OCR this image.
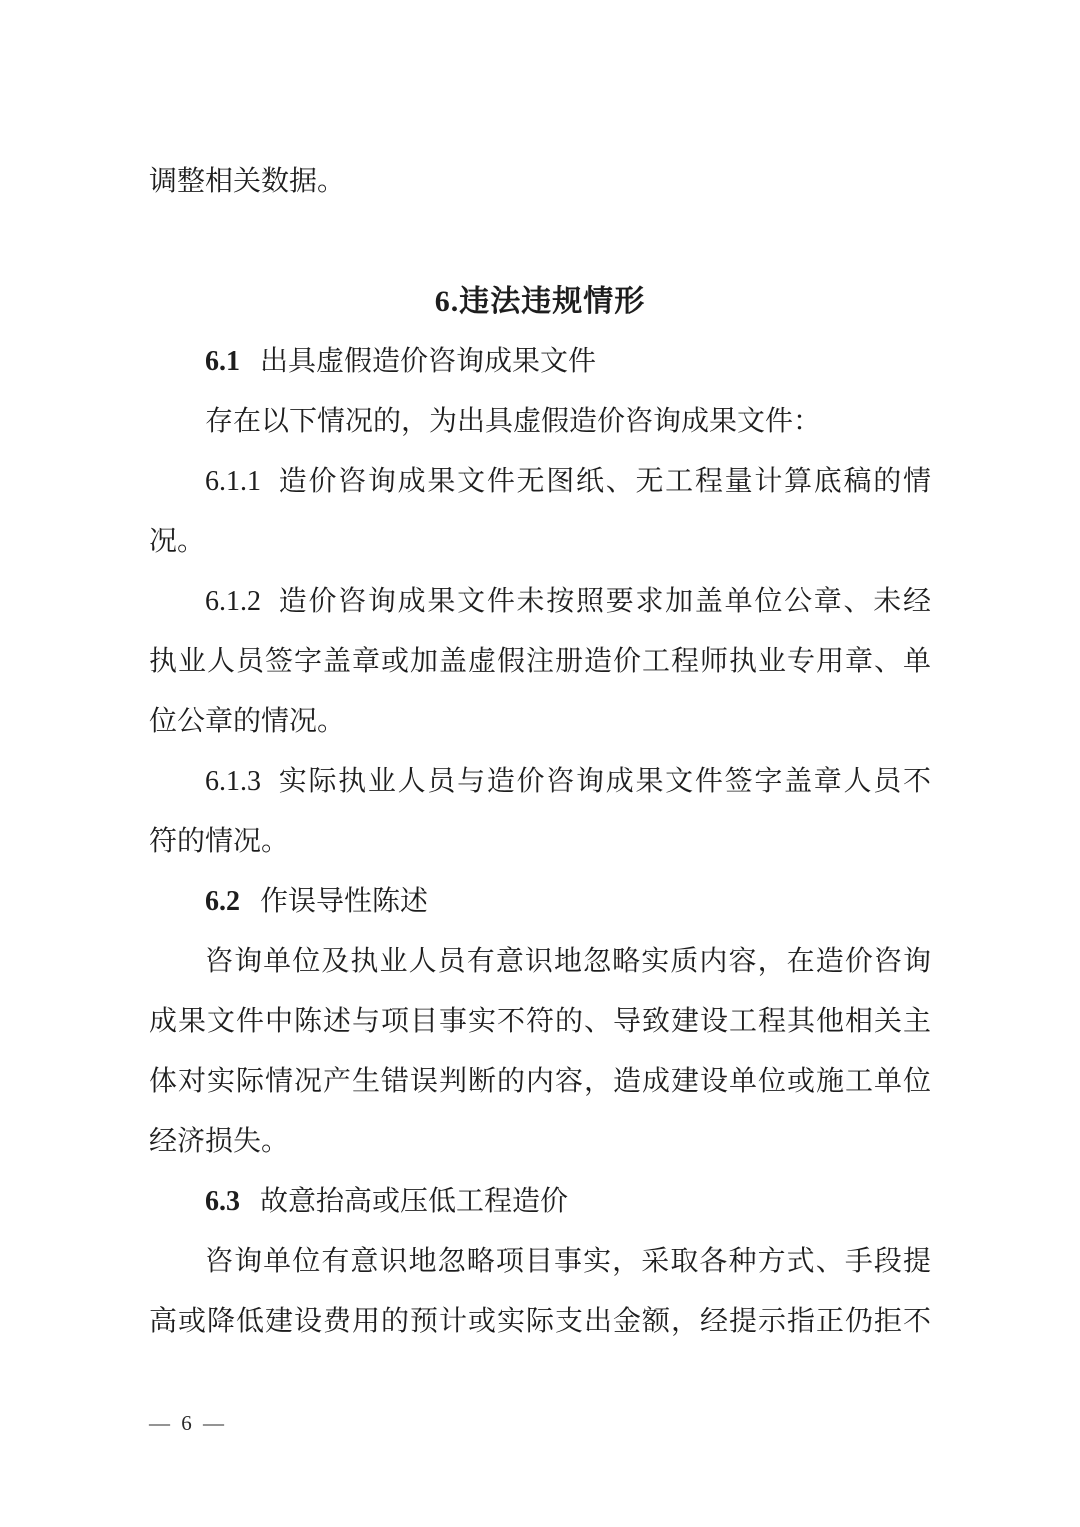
调整相关数据。
6.违法违规情形
6.1 出具虚假造价咨询成果文件
存在以下情况的，为出具虚假造价咨询成果文件：
6.1.1 造价咨询成果文件无图纸、无工程量计算底稿的情
况。
6.1.2 造价咨询成果文件未按照要求加盖单位公章、未经
执业人员签字盖章或加盖虚假注册造价工程师执业专用章、单
位公章的情况。
6.1.3 实际执业人员与造价咨询成果文件签字盖章人员不
符的情况。
6.2 作误导性陈述
咨询单位及执业人员有意识地忽略实质内容，在造价咨询
成果文件中陈述与项目事实不符的、导致建设工程其他相关主
体对实际情况产生错误判断的内容，造成建设单位或施工单位
经济损失。
6.3 故意抬高或压低工程造价
咨询单位有意识地忽略项目事实，采取各种方式、手段提
高或降低建设费用的预计或实际支出金额，经提示指正仍拒不
— 6 —
